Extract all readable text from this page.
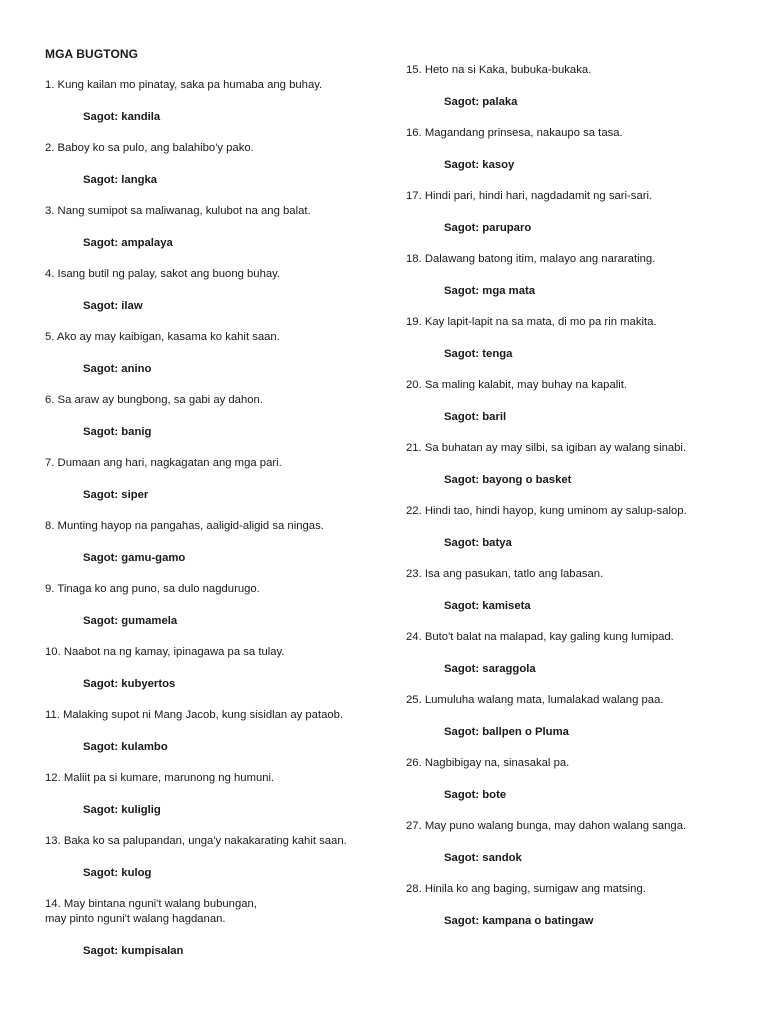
MGA BUGTONG
1. Kung kailan mo pinatay, saka pa humaba ang buhay.
Sagot: kandila
2. Baboy ko sa pulo, ang balahibo'y pako.
Sagot: langka
3. Nang sumipot sa maliwanag, kulubot na ang balat.
Sagot: ampalaya
4. Isang butil ng palay, sakot ang buong buhay.
Sagot: ilaw
5. Ako ay may kaibigan, kasama ko kahit saan.
Sagot: anino
6. Sa araw ay bungbong, sa gabi ay dahon.
Sagot: banig
7. Dumaan ang hari, nagkagatan ang mga pari.
Sagot: siper
8. Munting hayop na pangahas, aaligid-aligid sa ningas.
Sagot: gamu-gamo
9. Tinaga ko ang puno, sa dulo nagdurugo.
Sagot: gumamela
10. Naabot na ng kamay, ipinagawa pa sa tulay.
Sagot: kubyertos
11. Malaking supot ni Mang Jacob, kung sisidlan ay pataob.
Sagot: kulambo
12. Maliit pa si kumare, marunong ng humuni.
Sagot: kuliglig
13. Baka ko sa palupandan, unga'y nakakarating kahit saan.
Sagot: kulog
14. May bintana nguni't walang bubungan,
may pinto nguni't walang hagdanan.
Sagot: kumpisalan
15. Heto na si Kaka, bubuka-bukaka.
Sagot: palaka
16. Magandang prinsesa, nakaupo sa tasa.
Sagot: kasoy
17. Hindi pari, hindi hari, nagdadamit ng sari-sari.
Sagot: paruparo
18. Dalawang batong itim, malayo ang nararating.
Sagot: mga mata
19. Kay lapit-lapit na sa mata, di mo pa rin makita.
Sagot: tenga
20. Sa maling kalabit, may buhay na kapalit.
Sagot: baril
21. Sa buhatan ay may silbi, sa igiban ay walang sinabi.
Sagot: bayong o basket
22. Hindi tao, hindi hayop, kung uminom ay salup-salop.
Sagot: batya
23. Isa ang pasukan, tatlo ang labasan.
Sagot: kamiseta
24. Buto't balat na malapad, kay galing kung lumipad.
Sagot: saraggola
25. Lumuluha walang mata, lumalakad walang paa.
Sagot: ballpen o Pluma
26. Nagbibigay na, sinasakal pa.
Sagot: bote
27. May puno walang bunga, may dahon walang sanga.
Sagot: sandok
28. Hinila ko ang baging, sumigaw ang matsing.
Sagot: kampana o batingaw
